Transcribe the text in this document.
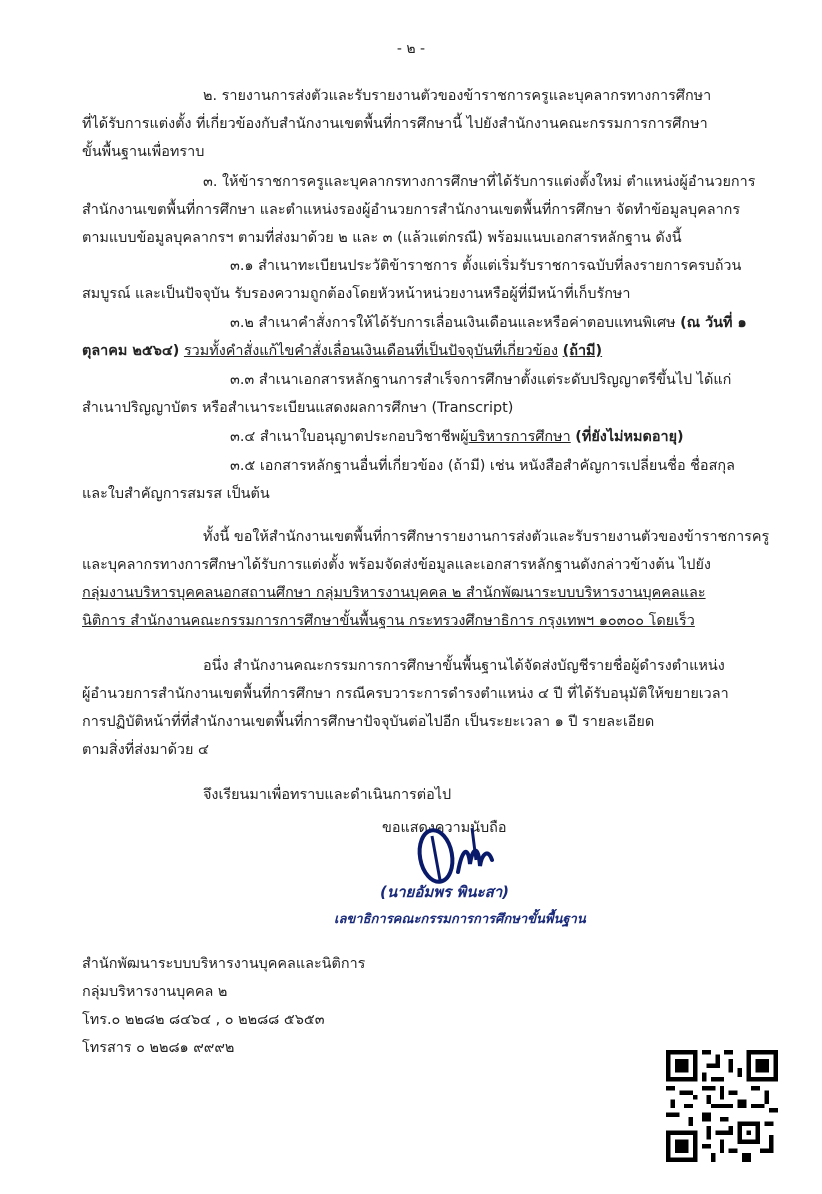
- ๒ -
๒. รายงานการส่งตัวและรับรายงานตัวของข้าราชการครูและบุคลากรทางการศึกษา
ที่ได้รับการแต่งตั้ง ที่เกี่ยวข้องกับสำนักงานเขตพื้นที่การศึกษานี้ ไปยังสำนักงานคณะกรรมการการศึกษา
ขั้นพื้นฐานเพื่อทราบ
๓. ให้ข้าราชการครูและบุคลากรทางการศึกษาที่ได้รับการแต่งตั้งใหม่ ตำแหน่งผู้อำนวยการ
สำนักงานเขตพื้นที่การศึกษา และตำแหน่งรองผู้อำนวยการสำนักงานเขตพื้นที่การศึกษา จัดทำข้อมูลบุคลากร
ตามแบบข้อมูลบุคลากรฯ ตามที่ส่งมาด้วย ๒ และ ๓ (แล้วแต่กรณี) พร้อมแนบเอกสารหลักฐาน ดังนี้
๓.๑ สำเนาทะเบียนประวัติข้าราชการ ตั้งแต่เริ่มรับราชการฉบับที่ลงรายการครบถ้วน
สมบูรณ์ และเป็นปัจจุบัน รับรองความถูกต้องโดยหัวหน้าหน่วยงานหรือผู้ที่มีหน้าที่เก็บรักษา
๓.๒ สำเนาคำสั่งการให้ได้รับการเลื่อนเงินเดือนและหรือค่าตอบแทนพิเศษ (ณ วันที่ ๑
ตุลาคม ๒๕๖๔) รวมทั้งคำสั่งแก้ไขคำสั่งเลื่อนเงินเดือนที่เป็นปัจจุบันที่เกี่ยวข้อง (ถ้ามี)
๓.๓ สำเนาเอกสารหลักฐานการสำเร็จการศึกษาตั้งแต่ระดับปริญญาตรีขึ้นไป ได้แก่
สำเนาปริญญาบัตร หรือสำเนาระเบียนแสดงผลการศึกษา (Transcript)
๓.๔ สำเนาใบอนุญาตประกอบวิชาชีพผู้บริหารการศึกษา (ที่ยังไม่หมดอายุ)
๓.๕ เอกสารหลักฐานอื่นที่เกี่ยวข้อง (ถ้ามี) เช่น หนังสือสำคัญการเปลี่ยนชื่อ ชื่อสกุล
และใบสำคัญการสมรส เป็นต้น
ทั้งนี้ ขอให้สำนักงานเขตพื้นที่การศึกษารายงานการส่งตัวและรับรายงานตัวของข้าราชการครู
และบุคลากรทางการศึกษาได้รับการแต่งตั้ง พร้อมจัดส่งข้อมูลและเอกสารหลักฐานดังกล่าวข้างต้น ไปยัง
กลุ่มงานบริหารบุคคลนอกสถานศึกษา กลุ่มบริหารงานบุคคล ๒ สำนักพัฒนาระบบบริหารงานบุคคลและ
นิติการ สำนักงานคณะกรรมการการศึกษาขั้นพื้นฐาน กระทรวงศึกษาธิการ กรุงเทพฯ ๑๐๓๐๐ โดยเร็ว
อนึ่ง สำนักงานคณะกรรมการการศึกษาขั้นพื้นฐานได้จัดส่งบัญชีรายชื่อผู้ดำรงตำแหน่ง
ผู้อำนวยการสำนักงานเขตพื้นที่การศึกษา กรณีครบวาระการดำรงตำแหน่ง ๔ ปี ที่ได้รับอนุมัติให้ขยายเวลา
การปฏิบัติหน้าที่ที่สำนักงานเขตพื้นที่การศึกษาปัจจุบันต่อไปอีก เป็นระยะเวลา ๑ ปี รายละเอียด
ตามสิ่งที่ส่งมาด้วย ๔
จึงเรียนมาเพื่อทราบและดำเนินการต่อไป
ขอแสดงความนับถือ
(นายอัมพร พินะสา)
เลขาธิการคณะกรรมการการศึกษาขั้นพื้นฐาน
สำนักพัฒนาระบบบริหารงานบุคคลและนิติการ
กลุ่มบริหารงานบุคคล ๒
โทร.๐ ๒๒๘๒ ๘๔๖๔ , ๐ ๒๒๘๘ ๕๖๕๓
โทรสาร ๐ ๒๒๘๑ ๙๙๙๒
